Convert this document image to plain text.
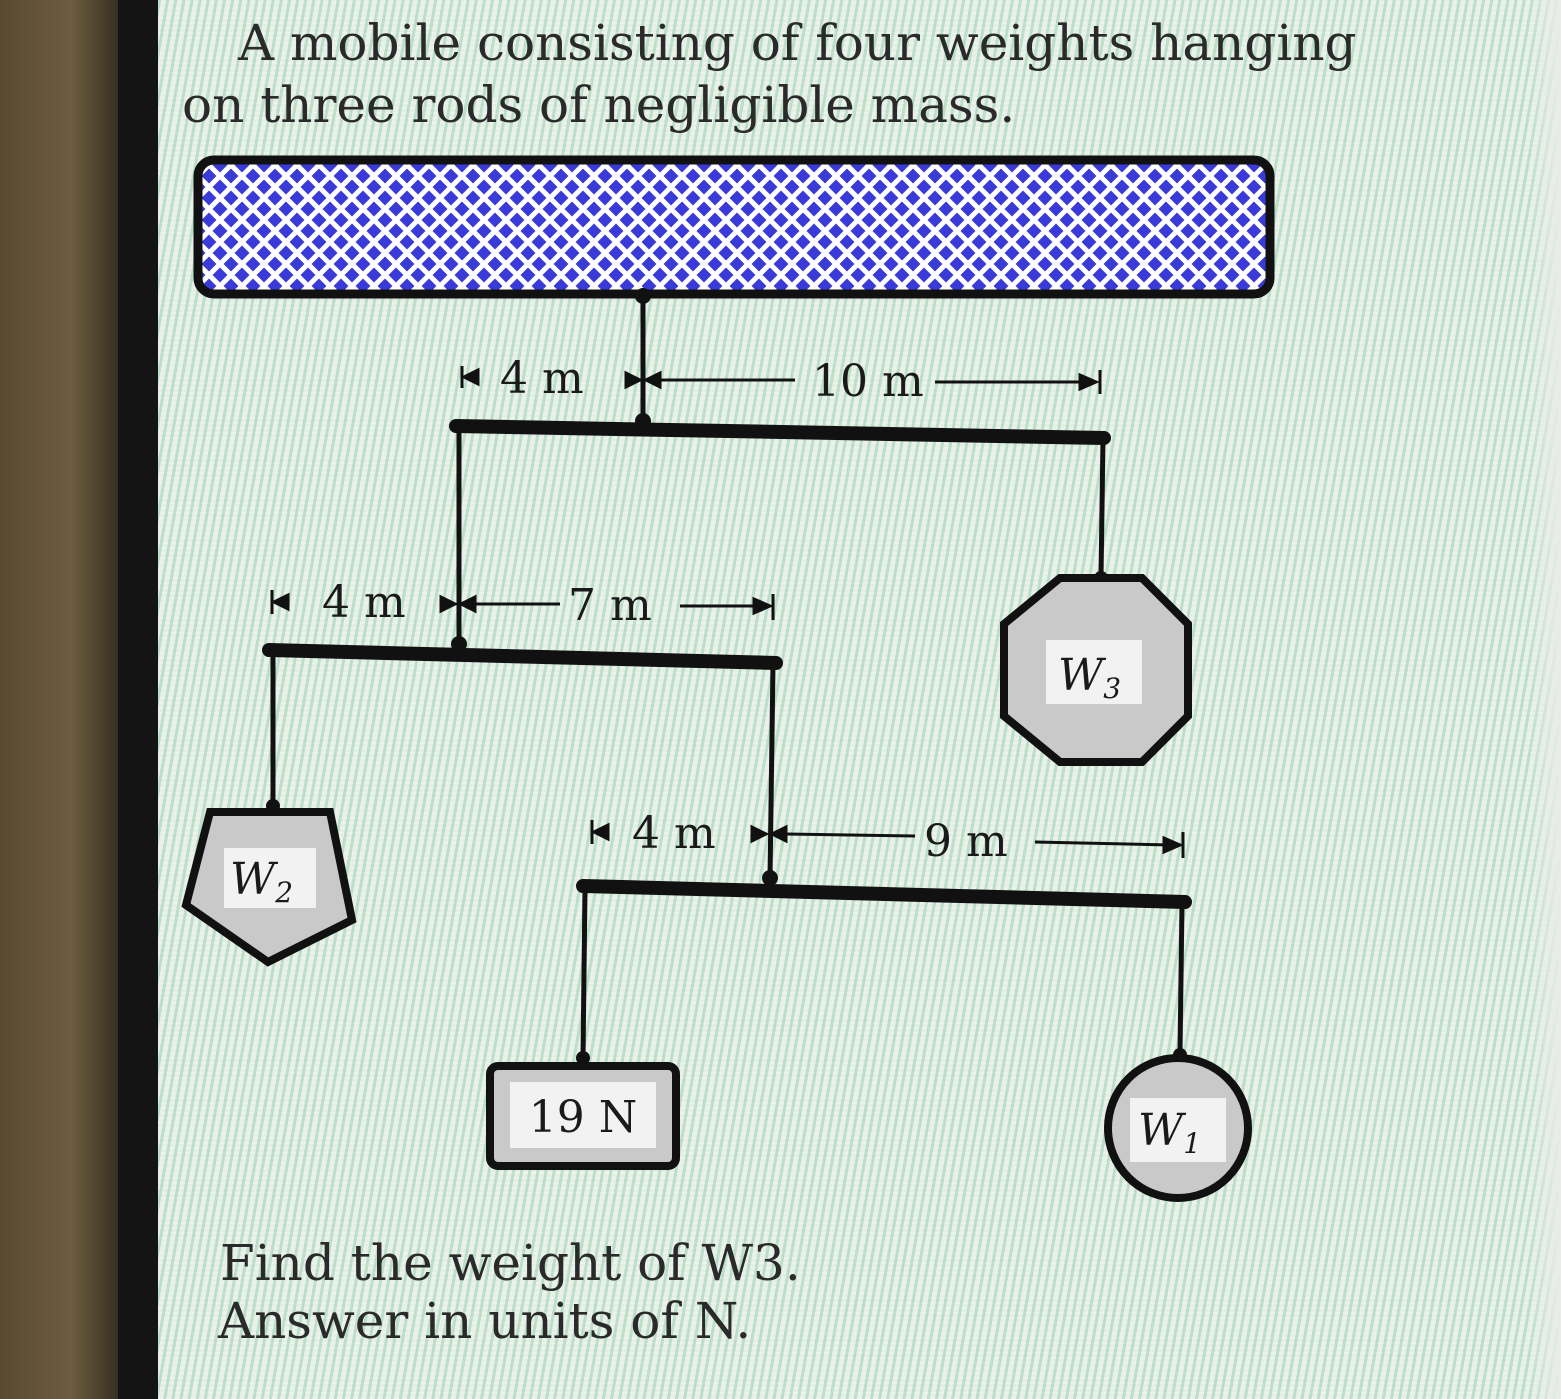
A mobile consisting of four weights hanging

on three rods of negligible mass.

4 m	10 m
4 m	7 m
4 m	9 m
W3
W2
19 N	W1

Find the weight of W3.

Answer in units of N.
